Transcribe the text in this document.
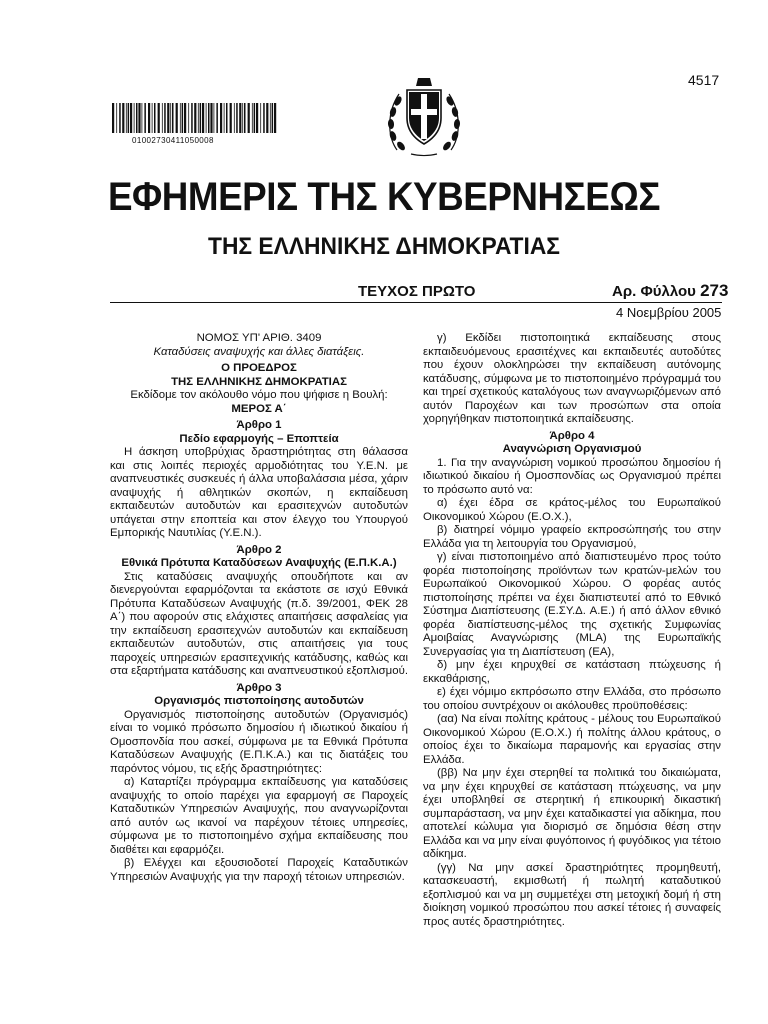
4517
01002730411050008
ΕΦΗΜΕΡΙΣ ΤΗΣ ΚΥΒΕΡΝΗΣΕΩΣ
ΤΗΣ ΕΛΛΗΝΙΚΗΣ ΔΗΜΟΚΡΑΤΙΑΣ
ΤΕΥΧΟΣ ΠΡΩΤΟ	Αρ. Φύλλου 273
4 Νοεμβρίου 2005

ΝΟΜΟΣ ΥΠ' ΑΡΙΘ. 3409

Καταδύσεις αναψυχής και άλλες διατάξεις.

Ο ΠΡΟΕΔΡΟΣ

ΤΗΣ ΕΛΛΗΝΙΚΗΣ ΔΗΜΟΚΡΑΤΙΑΣ

Εκδίδομε τον ακόλουθο νόμο που ψήφισε η Βουλή:

ΜΕΡΟΣ Α΄

Άρθρο 1

Πεδίο εφαρμογής – Εποπτεία

Η άσκηση υποβρύχιας δραστηριότητας στη θάλασσα και στις λοιπές περιοχές αρμοδιότητας του Υ.Ε.Ν. με αναπνευστικές συσκευές ή άλλα υποβαλάσσια μέσα, χάριν αναψυχής ή αθλητικών σκοπών, η εκπαίδευση εκπαιδευτών αυτοδυτών και ερασιτεχνών αυτοδυτών υπάγεται στην εποπτεία και στον έλεγχο του Υπουργού Εμπορικής Ναυτιλίας (Υ.Ε.Ν.).

Άρθρο 2

Εθνικά Πρότυπα Καταδύσεων Αναψυχής (Ε.Π.Κ.Α.)

Στις καταδύσεις αναψυχής οπουδήποτε και αν διενεργούνται εφαρμόζονται τα εκάστοτε σε ισχύ Εθνικά Πρότυπα Καταδύσεων Αναψυχής (π.δ. 39/2001, ΦΕΚ 28 Α΄) που αφορούν στις ελάχιστες απαιτήσεις ασφαλείας για την εκπαίδευση ερασιτεχνών αυτοδυτών και εκπαίδευση εκπαιδευτών αυτοδυτών, στις απαιτήσεις για τους παροχείς υπηρεσιών ερασιτεχνικής κατάδυσης, καθώς και στα εξαρτήματα κατάδυσης και αναπνευστικού εξοπλισμού.

Άρθρο 3

Οργανισμός πιστοποίησης αυτοδυτών

Οργανισμός πιστοποίησης αυτοδυτών (Οργανισμός) είναι το νομικό πρόσωπο δημοσίου ή ιδιωτικού δικαίου ή Ομοσπονδία που ασκεί, σύμφωνα με τα Εθνικά Πρότυπα Καταδύσεων Αναψυχής (Ε.Π.Κ.Α.) και τις διατάξεις του παρόντος νόμου, τις εξής δραστηριότητες:

α) Καταρτίζει πρόγραμμα εκπαίδευσης για καταδύσεις αναψυχής το οποίο παρέχει για εφαρμογή σε Παροχείς Καταδυτικών Υπηρεσιών Αναψυχής, που αναγνωρίζονται από αυτόν ως ικανοί να παρέχουν τέτοιες υπηρεσίες, σύμφωνα με το πιστοποιημένο σχήμα εκπαίδευσης που διαθέτει και εφαρμόζει.

β) Ελέγχει και εξουσιοδοτεί Παροχείς Καταδυτικών Υπηρεσιών Αναψυχής για την παροχή τέτοιων υπηρεσιών.

γ) Εκδίδει πιστοποιητικά εκπαίδευσης στους εκπαιδευόμενους ερασιτέχνες και εκπαιδευτές αυτοδύτες που έχουν ολοκληρώσει την εκπαίδευση αυτόνομης κατάδυσης, σύμφωνα με το πιστοποιημένο πρόγραμμά του και τηρεί σχετικούς καταλόγους των αναγνωριζόμενων από αυτόν Παροχέων και των προσώπων στα οποία χορηγήθηκαν πιστοποιητικά εκπαίδευσης.

Άρθρο 4

Αναγνώριση Οργανισμού

1. Για την αναγνώριση νομικού προσώπου δημοσίου ή ιδιωτικού δικαίου ή Ομοσπονδίας ως Οργανισμού πρέπει το πρόσωπο αυτό να:

α) έχει έδρα σε κράτος-μέλος του Ευρωπαϊκού Οικονομικού Χώρου (Ε.Ο.Χ.),

β) διατηρεί νόμιμο γραφείο εκπροσώπησής του στην Ελλάδα για τη λειτουργία του Οργανισμού,

γ) είναι πιστοποιημένο από διαπιστευμένο προς τούτο φορέα πιστοποίησης προϊόντων των κρατών-μελών του Ευρωπαϊκού Οικονομικού Χώρου. Ο φορέας αυτός πιστοποίησης πρέπει να έχει διαπιστευτεί από το Εθνικό Σύστημα Διαπίστευσης (Ε.ΣΥ.Δ. Α.Ε.) ή από άλλον εθνικό φορέα διαπίστευσης-μέλος της σχετικής Συμφωνίας Αμοιβαίας Αναγνώρισης (MLA) της Ευρωπαϊκής Συνεργασίας για τη Διαπίστευση (EA),

δ) μην έχει κηρυχθεί σε κατάσταση πτώχευσης ή εκκαθάρισης,

ε) έχει νόμιμο εκπρόσωπο στην Ελλάδα, στο πρόσωπο του οποίου συντρέχουν οι ακόλουθες προϋποθέσεις:

(αα) Να είναι πολίτης κράτους - μέλους του Ευρωπαϊκού Οικονομικού Χώρου (Ε.Ο.Χ.) ή πολίτης άλλου κράτους, ο οποίος έχει το δικαίωμα παραμονής και εργασίας στην Ελλάδα.

(ββ) Να μην έχει στερηθεί τα πολιτικά του δικαιώματα, να μην έχει κηρυχθεί σε κατάσταση πτώχευσης, να μην έχει υποβληθεί σε στερητική ή επικουρική δικαστική συμπαράσταση, να μην έχει καταδικαστεί για αδίκημα, που αποτελεί κώλυμα για διορισμό σε δημόσια θέση στην Ελλάδα και να μην είναι φυγόποινος ή φυγόδικος για τέτοιο αδίκημα.

(γγ) Να μην ασκεί δραστηριότητες προμηθευτή, κατασκευαστή, εκμισθωτή ή πωλητή καταδυτικού εξοπλισμού και να μη συμμετέχει στη μετοχική δομή ή στη διοίκηση νομικού προσώπου που ασκεί τέτοιες ή συναφείς προς αυτές δραστηριότητες.
